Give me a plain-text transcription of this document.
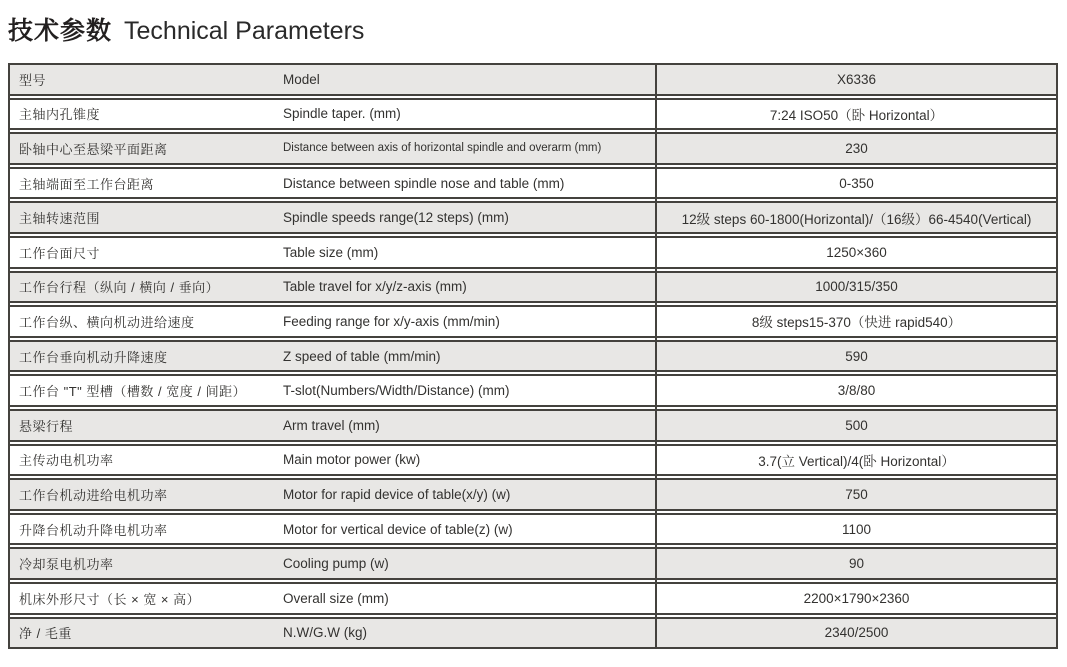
技术参数 Technical Parameters
型号	Model	X6336
主轴内孔锥度	Spindle taper. (mm)	7:24 ISO50（卧 Horizontal）
卧轴中心至悬梁平面距离	Distance between axis of horizontal spindle and overarm (mm)	230
主轴端面至工作台距离	Distance between spindle nose and table (mm)	0-350
主轴转速范围	Spindle speeds range(12 steps) (mm)	12级 steps 60-1800(Horizontal)/（16级）66-4540(Vertical)
工作台面尺寸	Table size (mm)	1250×360
工作台行程（纵向 / 横向 / 垂向）	Table travel for x/y/z-axis (mm)	1000/315/350
工作台纵、横向机动进给速度	Feeding range for x/y-axis (mm/min)	8级 steps15-370（快进 rapid540）
工作台垂向机动升降速度	Z speed of table (mm/min)	590
工作台 "T" 型槽（槽数 / 宽度 / 间距）	T-slot(Numbers/Width/Distance) (mm)	3/8/80
悬梁行程	Arm travel (mm)	500
主传动电机功率	Main motor power (kw)	3.7(立 Vertical)/4(卧 Horizontal）
工作台机动进给电机功率	Motor for rapid device of table(x/y) (w)	750
升降台机动升降电机功率	Motor for vertical device of table(z) (w)	1100
冷却泵电机功率	Cooling pump (w)	90
机床外形尺寸（长 × 宽 × 高）	Overall size (mm)	2200×1790×2360
净 / 毛重	N.W/G.W (kg)	2340/2500
